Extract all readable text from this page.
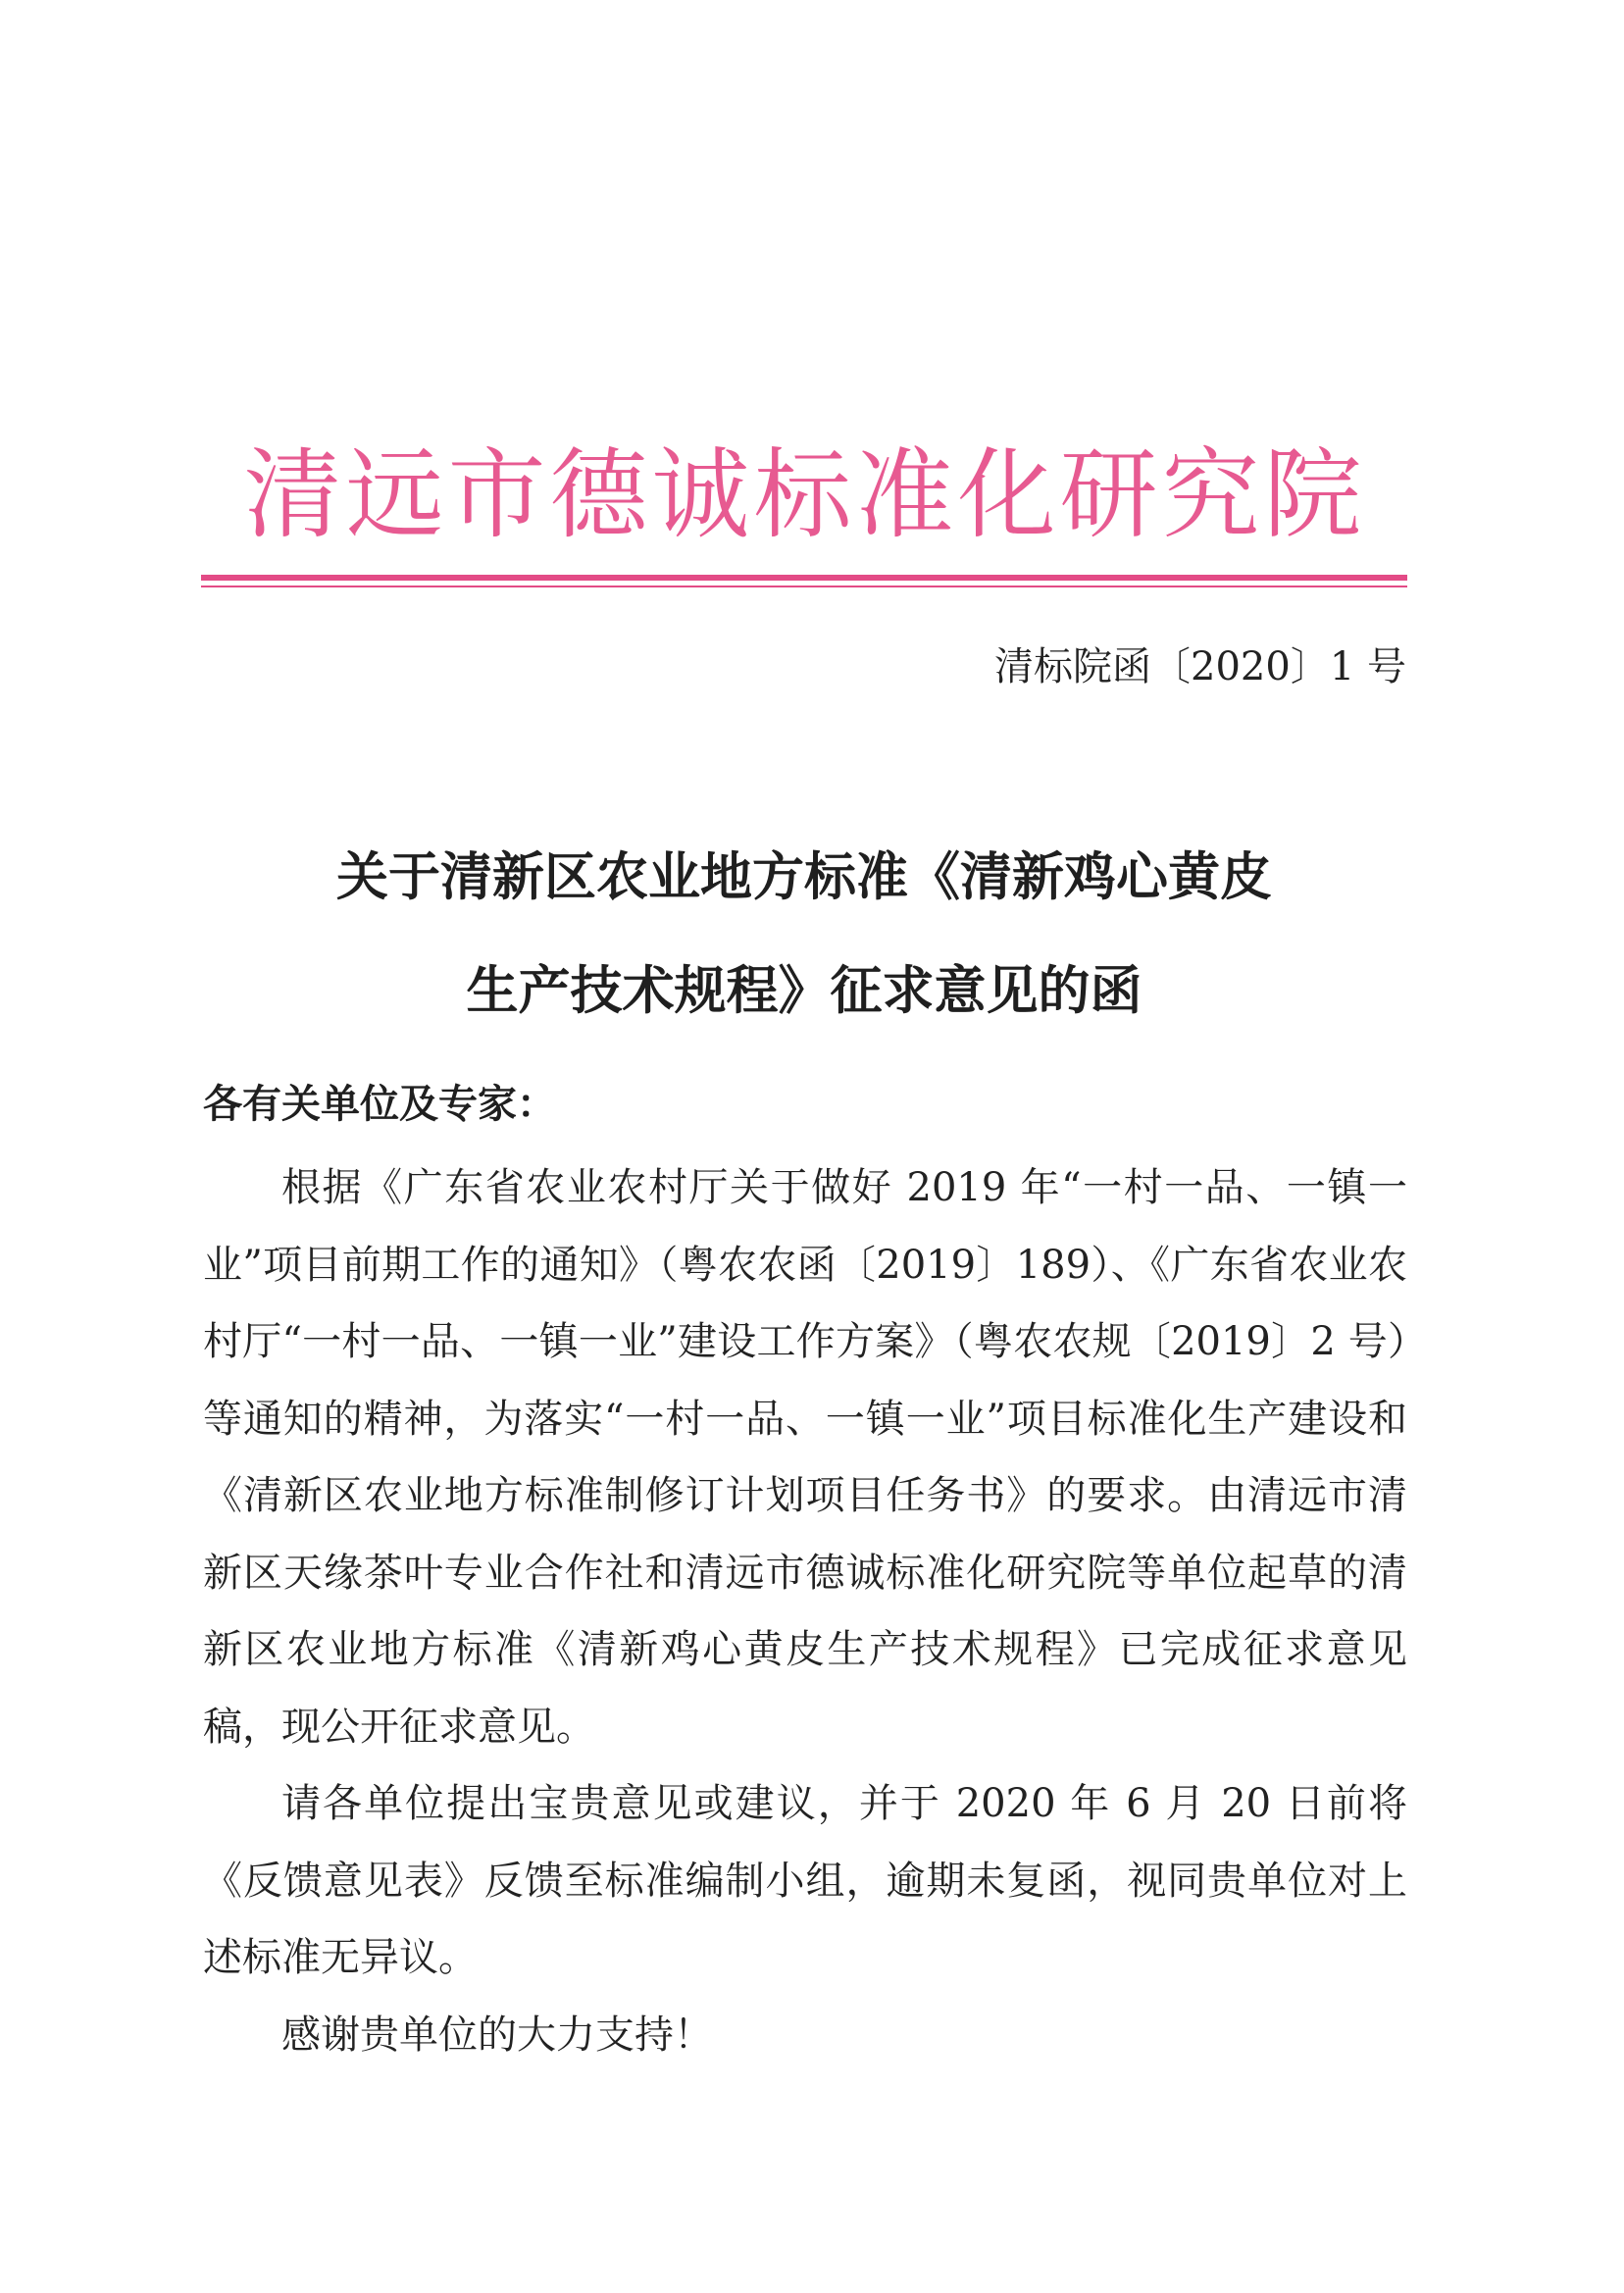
清远市德诚标准化研究院
清标院函〔2020〕1 号
关于清新区农业地方标准《清新鸡心黄皮
生产技术规程》征求意见的函
各有关单位及专家：

根据《广东省农业农村厅关于做好 2019 年“一村一品、一镇一业”项目前期工作的通知》（粤农农函〔2019〕189）、《广东省农业农村厅“一村一品、一镇一业”建设工作方案》（粤农农规〔2019〕2 号）等通知的精神，为落实“一村一品、一镇一业”项目标准化生产建设和《清新区农业地方标准制修订计划项目任务书》的要求。由清远市清新区天缘茶叶专业合作社和清远市德诚标准化研究院等单位起草的清新区农业地方标准《清新鸡心黄皮生产技术规程》已完成征求意见稿，现公开征求意见。

请各单位提出宝贵意见或建议，并于 2020 年 6 月 20 日前将《反馈意见表》反馈至标准编制小组，逾期未复函，视同贵单位对上述标准无异议。

感谢贵单位的大力支持！
